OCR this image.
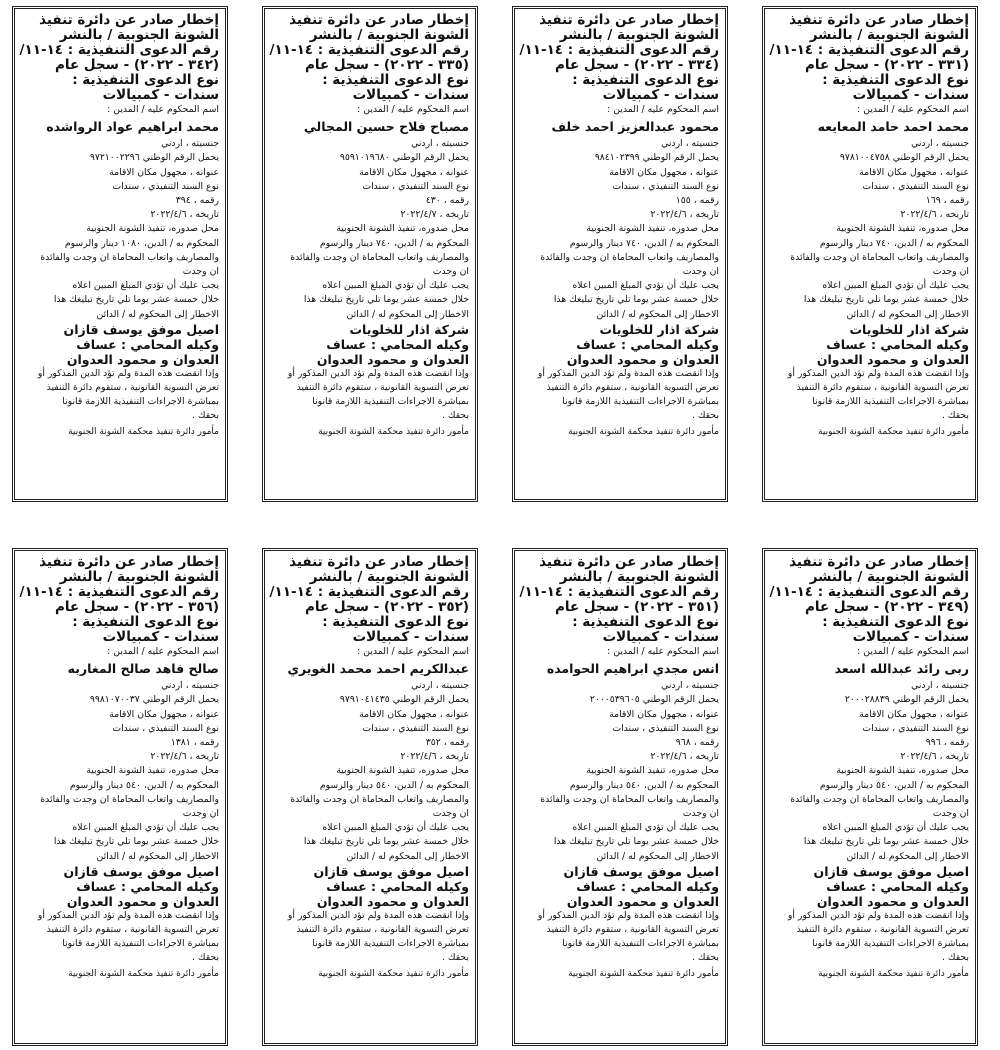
إخطار صادر عن دائرة تنفيذ
الشونة الجنوبية / بالنشر
رقم الدعوى التنفيذية : ١٤-١١/
(٣٣١ - ٢٠٢٢) - سجل عام
نوع الدعوى التنفيذية :
سندات - كمبيالات
اسم المحكوم عليه / المدين :
محمد احمد حامد المعايعه
جنسيته ، اردني
يحمل الرقم الوطني ٩٧٨١٠٠٤٧٥٨
عنوانه ، مجهول مكان الاقامة
نوع السند التنفيذي ، سندات
رقمه ، ١٦٩
تاريخه ، ٢٠٢٢/٤/٦
محل صدوره، تنفيذ الشونة الجنوبية
المحكوم به / الدين، ٧٤٠ دينار والرسوم
والمصاريف واتعاب المحاماة ان وجدت والفائدة
ان وجدت
يجب عليك أن تؤدي المبلغ المبين اعلاه
خلال خمسة عشر يوما تلي تاريخ تبليغك هذا
الاخطار إلى المحكوم له / الدائن
شركة اذار للخلويات
وكيله المحامي : عساف
العدوان و محمود العدوان
وإذا انقضت هذه المدة ولم تؤد الدين المذكور أو
تعرض التسوية القانونية ، ستقوم دائرة التنفيذ
بمباشرة الاجراءات التنفيذية اللازمة قانونا
بحقك .
مأمور دائرة تنفيذ محكمة الشونة الجنوبية
إخطار صادر عن دائرة تنفيذ
الشونة الجنوبية / بالنشر
رقم الدعوى التنفيذية : ١٤-١١/
(٣٣٤ - ٢٠٢٢) - سجل عام
نوع الدعوى التنفيذية :
سندات - كمبيالات
اسم المحكوم عليه / المدين :
محمود عبدالعزيز احمد خلف
جنسيته ، اردني
يحمل الرقم الوطني ٩٨٤١٠٢٣٩٩
عنوانه ، مجهول مكان الاقامة
نوع السند التنفيذي ، سندات
رقمه ، ١٥٥
تاريخه ، ٢٠٢٢/٤/٦
محل صدوره، تنفيذ الشونة الجنوبية
المحكوم به / الدين، ٧٤٠ دينار والرسوم
والمصاريف واتعاب المحاماة ان وجدت والفائدة
ان وجدت
يجب عليك أن تؤدي المبلغ المبين اعلاه
خلال خمسة عشر يوما تلي تاريخ تبليغك هذا
الاخطار إلى المحكوم له / الدائن
شركة اذار للخلويات
وكيله المحامي : عساف
العدوان و محمود العدوان
وإذا انقضت هذه المدة ولم تؤد الدين المذكور أو
تعرض التسوية القانونية ، ستقوم دائرة التنفيذ
بمباشرة الاجراءات التنفيذية اللازمة قانونا
بحقك .
مأمور دائرة تنفيذ محكمة الشونة الجنوبية
إخطار صادر عن دائرة تنفيذ
الشونة الجنوبية / بالنشر
رقم الدعوى التنفيذية : ١٤-١١/
(٣٣٥ - ٢٠٢٢) - سجل عام
نوع الدعوى التنفيذية :
سندات - كمبيالات
اسم المحكوم عليه / المدين :
مصباح فلاح حسين المجالي
جنسيته ، اردني
يحمل الرقم الوطني ٩٥٩١٠١٩٦٨٠
عنوانه ، مجهول مكان الاقامة
نوع السند التنفيذي ، سندات
رقمه ، ٤٣٠
تاريخه ، ٢٠٢٢/٤/٧
محل صدوره، تنفيذ الشونة الجنوبية
المحكوم به / الدين، ٧٤٠ دينار والرسوم
والمصاريف واتعاب المحاماة ان وجدت والفائدة
ان وجدت
يجب عليك أن تؤدي المبلغ المبين اعلاه
خلال خمسة عشر يوما تلي تاريخ تبليغك هذا
الاخطار إلى المحكوم له / الدائن
شركة اذار للخلويات
وكيله المحامي : عساف
العدوان و محمود العدوان
وإذا انقضت هذه المدة ولم تؤد الدين المذكور أو
تعرض التسوية القانونية ، ستقوم دائرة التنفيذ
بمباشرة الاجراءات التنفيذية اللازمة قانونا
بحقك .
مأمور دائرة تنفيذ محكمة الشونة الجنوبية
إخطار صادر عن دائرة تنفيذ
الشونة الجنوبية / بالنشر
رقم الدعوى التنفيذية : ١٤-١١/
(٣٤٢ - ٢٠٢٢) - سجل عام
نوع الدعوى التنفيذية :
سندات - كمبيالات
اسم المحكوم عليه / المدين :
محمد ابراهيم عواد الرواشده
جنسيته ، اردني
يحمل الرقم الوطني ٩٧٢١٠٠٢٢٩٦
عنوانه ، مجهول مكان الاقامة
نوع السند التنفيذي ، سندات
رقمه ، ٣٩٤
تاريخه ، ٢٠٢٢/٤/٦
محل صدوره، تنفيذ الشونة الجنوبية
المحكوم به / الدين، ١٠٨٠ دينار والرسوم
والمصاريف واتعاب المحاماة ان وجدت والفائدة
ان وجدت
يجب عليك أن تؤدي المبلغ المبين اعلاه
خلال خمسة عشر يوما تلي تاريخ تبليغك هذا
الاخطار إلى المحكوم له / الدائن
اصيل موفق يوسف قازان
وكيله المحامي : عساف
العدوان و محمود العدوان
وإذا انقضت هذه المدة ولم تؤد الدين المذكور أو
تعرض التسوية القانونية ، ستقوم دائرة التنفيذ
بمباشرة الاجراءات التنفيذية اللازمة قانونا
بحقك .
مأمور دائرة تنفيذ محكمة الشونة الجنوبية
إخطار صادر عن دائرة تنفيذ
الشونة الجنوبية / بالنشر
رقم الدعوى التنفيذية : ١٤-١١/
(٣٤٩ - ٢٠٢٢) - سجل عام
نوع الدعوى التنفيذية :
سندات - كمبيالات
اسم المحكوم عليه / المدين :
ربى رائد عبدالله اسعد
جنسيته ، اردني
يحمل الرقم الوطني ٢٠٠٠٢٨٨٣٩
عنوانه ، مجهول مكان الاقامة
نوع السند التنفيذي ، سندات
رقمه ، ٩٩٦
تاريخه ، ٢٠٢٢/٤/٦
محل صدوره، تنفيذ الشونة الجنوبية
المحكوم به / الدين، ٥٤٠ دينار والرسوم
والمصاريف واتعاب المحاماة ان وجدت والفائدة
ان وجدت
يجب عليك أن تؤدي المبلغ المبين اعلاه
خلال خمسة عشر يوما تلي تاريخ تبليغك هذا
الاخطار إلى المحكوم له / الدائن
اصيل موفق يوسف قازان
وكيله المحامي : عساف
العدوان و محمود العدوان
وإذا انقضت هذه المدة ولم تؤد الدين المذكور أو
تعرض التسوية القانونية ، ستقوم دائرة التنفيذ
بمباشرة الاجراءات التنفيذية اللازمة قانونا
بحقك .
مأمور دائرة تنفيذ محكمة الشونة الجنوبية
إخطار صادر عن دائرة تنفيذ
الشونة الجنوبية / بالنشر
رقم الدعوى التنفيذية : ١٤-١١/
(٣٥١ - ٢٠٢٢) - سجل عام
نوع الدعوى التنفيذية :
سندات - كمبيالات
اسم المحكوم عليه / المدين :
انس مجدي ابراهيم الحوامده
جنسيته ، اردني
يحمل الرقم الوطني ٢٠٠٠٥٣٩٦٠٥
عنوانه ، مجهول مكان الاقامة
نوع السند التنفيذي ، سندات
رقمه ، ٩٦٨
تاريخه ، ٢٠٢٢/٤/٦
محل صدوره، تنفيذ الشونة الجنوبية
المحكوم به / الدين، ٥٤٠ دينار والرسوم
والمصاريف واتعاب المحاماة ان وجدت والفائدة
ان وجدت
يجب عليك أن تؤدي المبلغ المبين اعلاه
خلال خمسة عشر يوما تلي تاريخ تبليغك هذا
الاخطار إلى المحكوم له / الدائن
اصيل موفق يوسف قازان
وكيله المحامي : عساف
العدوان و محمود العدوان
وإذا انقضت هذه المدة ولم تؤد الدين المذكور أو
تعرض التسوية القانونية ، ستقوم دائرة التنفيذ
بمباشرة الاجراءات التنفيذية اللازمة قانونا
بحقك .
مأمور دائرة تنفيذ محكمة الشونة الجنوبية
إخطار صادر عن دائرة تنفيذ
الشونة الجنوبية / بالنشر
رقم الدعوى التنفيذية : ١٤-١١/
(٣٥٢ - ٢٠٢٢) - سجل عام
نوع الدعوى التنفيذية :
سندات - كمبيالات
اسم المحكوم عليه / المدين :
عبدالكريم احمد محمد الغويري
جنسيته ، اردني
يحمل الرقم الوطني ٩٧٩١٠٤١٤٣٥
عنوانه ، مجهول مكان الاقامة
نوع السند التنفيذي ، سندات
رقمه ، ٣٥٢
تاريخه ، ٢٠٢٢/٤/٦
محل صدوره، تنفيذ الشونة الجنوبية
المحكوم به / الدين، ٥٤٠ دينار والرسوم
والمصاريف واتعاب المحاماة ان وجدت والفائدة
ان وجدت
يجب عليك أن تؤدي المبلغ المبين اعلاه
خلال خمسة عشر يوما تلي تاريخ تبليغك هذا
الاخطار إلى المحكوم له / الدائن
اصيل موفق يوسف قازان
وكيله المحامي : عساف
العدوان و محمود العدوان
وإذا انقضت هذه المدة ولم تؤد الدين المذكور أو
تعرض التسوية القانونية ، ستقوم دائرة التنفيذ
بمباشرة الاجراءات التنفيذية اللازمة قانونا
بحقك .
مأمور دائرة تنفيذ محكمة الشونة الجنوبية
إخطار صادر عن دائرة تنفيذ
الشونة الجنوبية / بالنشر
رقم الدعوى التنفيذية : ١٤-١١/
(٣٥٦ - ٢٠٢٢) - سجل عام
نوع الدعوى التنفيذية :
سندات - كمبيالات
اسم المحكوم عليه / المدين :
صالح فاهد صالح المغاربه
جنسيته ، اردني
يحمل الرقم الوطني ٩٩٨١٠٧٠٠٣٧
عنوانه ، مجهول مكان الاقامة
نوع السند التنفيذي ، سندات
رقمه ، ١٣٨١
تاريخه ، ٢٠٢٢/٤/٦
محل صدوره، تنفيذ الشونة الجنوبية
المحكوم به / الدين، ٥٤٠ دينار والرسوم
والمصاريف واتعاب المحاماة ان وجدت والفائدة
ان وجدت
يجب عليك أن تؤدي المبلغ المبين اعلاه
خلال خمسة عشر يوما تلي تاريخ تبليغك هذا
الاخطار إلى المحكوم له / الدائن
اصيل موفق يوسف قازان
وكيله المحامي : عساف
العدوان و محمود العدوان
وإذا انقضت هذه المدة ولم تؤد الدين المذكور أو
تعرض التسوية القانونية ، ستقوم دائرة التنفيذ
بمباشرة الاجراءات التنفيذية اللازمة قانونا
بحقك .
مأمور دائرة تنفيذ محكمة الشونة الجنوبية
